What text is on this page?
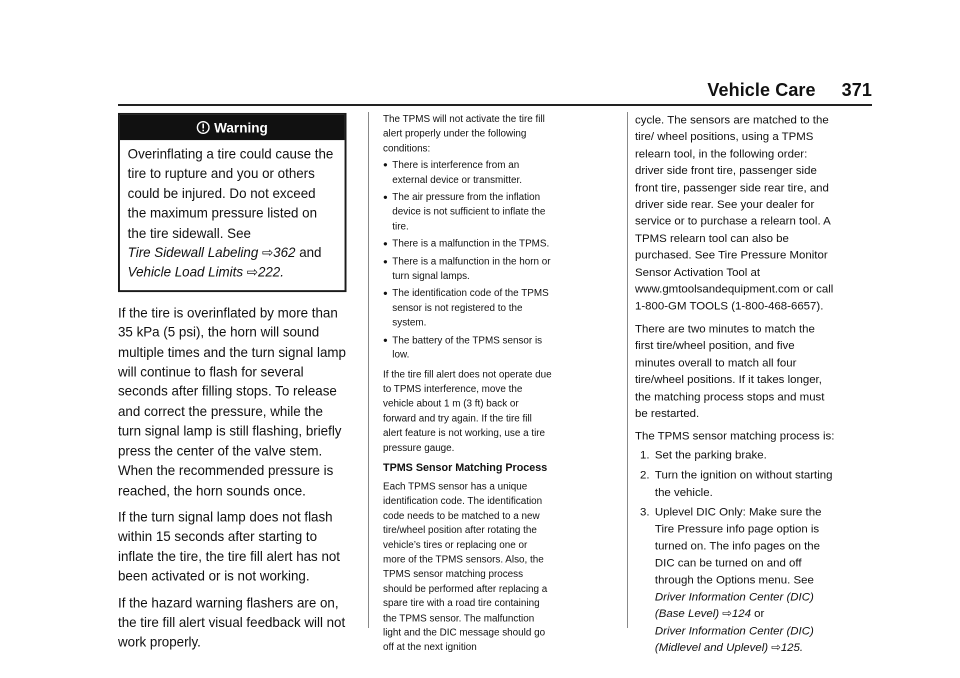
Vehicle Care 371
Warning
Overinflating a tire could cause the tire to rupture and you or others could be injured. Do not exceed the maximum pressure listed on the tire sidewall. See
Tire Sidewall Labeling ⇨362 and
Vehicle Load Limits ⇨222.

If the tire is overinflated by more than 35 kPa (5 psi), the horn will sound multiple times and the turn signal lamp will continue to flash for several seconds after filling stops. To release and correct the pressure, while the turn signal lamp is still flashing, briefly press the center of the valve stem. When the recommended pressure is reached, the horn sounds once.

If the turn signal lamp does not flash within 15 seconds after starting to inflate the tire, the tire fill alert has not been activated or is not working.

If the hazard warning flashers are on, the tire fill alert visual feedback will not work properly.

The TPMS will not activate the tire fill alert properly under the following conditions:

● There is interference from an external device or transmitter.
● The air pressure from the inflation device is not sufficient to inflate the tire.
● There is a malfunction in the TPMS.
● There is a malfunction in the horn or turn signal lamps.
● The identification code of the TPMS sensor is not registered to the system.
● The battery of the TPMS sensor is low.

If the tire fill alert does not operate due to TPMS interference, move the vehicle about 1 m (3 ft) back or forward and try again. If the tire fill alert feature is not working, use a tire pressure gauge.

TPMS Sensor Matching Process

Each TPMS sensor has a unique identification code. The identification code needs to be matched to a new tire/wheel position after rotating the vehicle’s tires or replacing one or more of the TPMS sensors. Also, the TPMS sensor matching process should be performed after replacing a spare tire with a road tire containing the TPMS sensor. The malfunction light and the DIC message should go off at the next ignition

cycle. The sensors are matched to the tire/ wheel positions, using a TPMS relearn tool, in the following order: driver side front tire, passenger side front tire, passenger side rear tire, and driver side rear. See your dealer for service or to purchase a relearn tool. A TPMS relearn tool can also be purchased. See Tire Pressure Monitor Sensor Activation Tool at www.gmtoolsandequipment.com or call 1-800-GM TOOLS (1-800-468-6657).

There are two minutes to match the first tire/wheel position, and five minutes overall to match all four tire/wheel positions. If it takes longer, the matching process stops and must be restarted.

The TPMS sensor matching process is:

1. Set the parking brake.
2. Turn the ignition on without starting the vehicle.
3. Uplevel DIC Only: Make sure the Tire Pressure info page option is turned on. The info pages on the DIC can be turned on and off through the Options menu. See Driver Information Center (DIC) (Base Level) ⇨124 or
Driver Information Center (DIC) (Midlevel and Uplevel) ⇨125.
